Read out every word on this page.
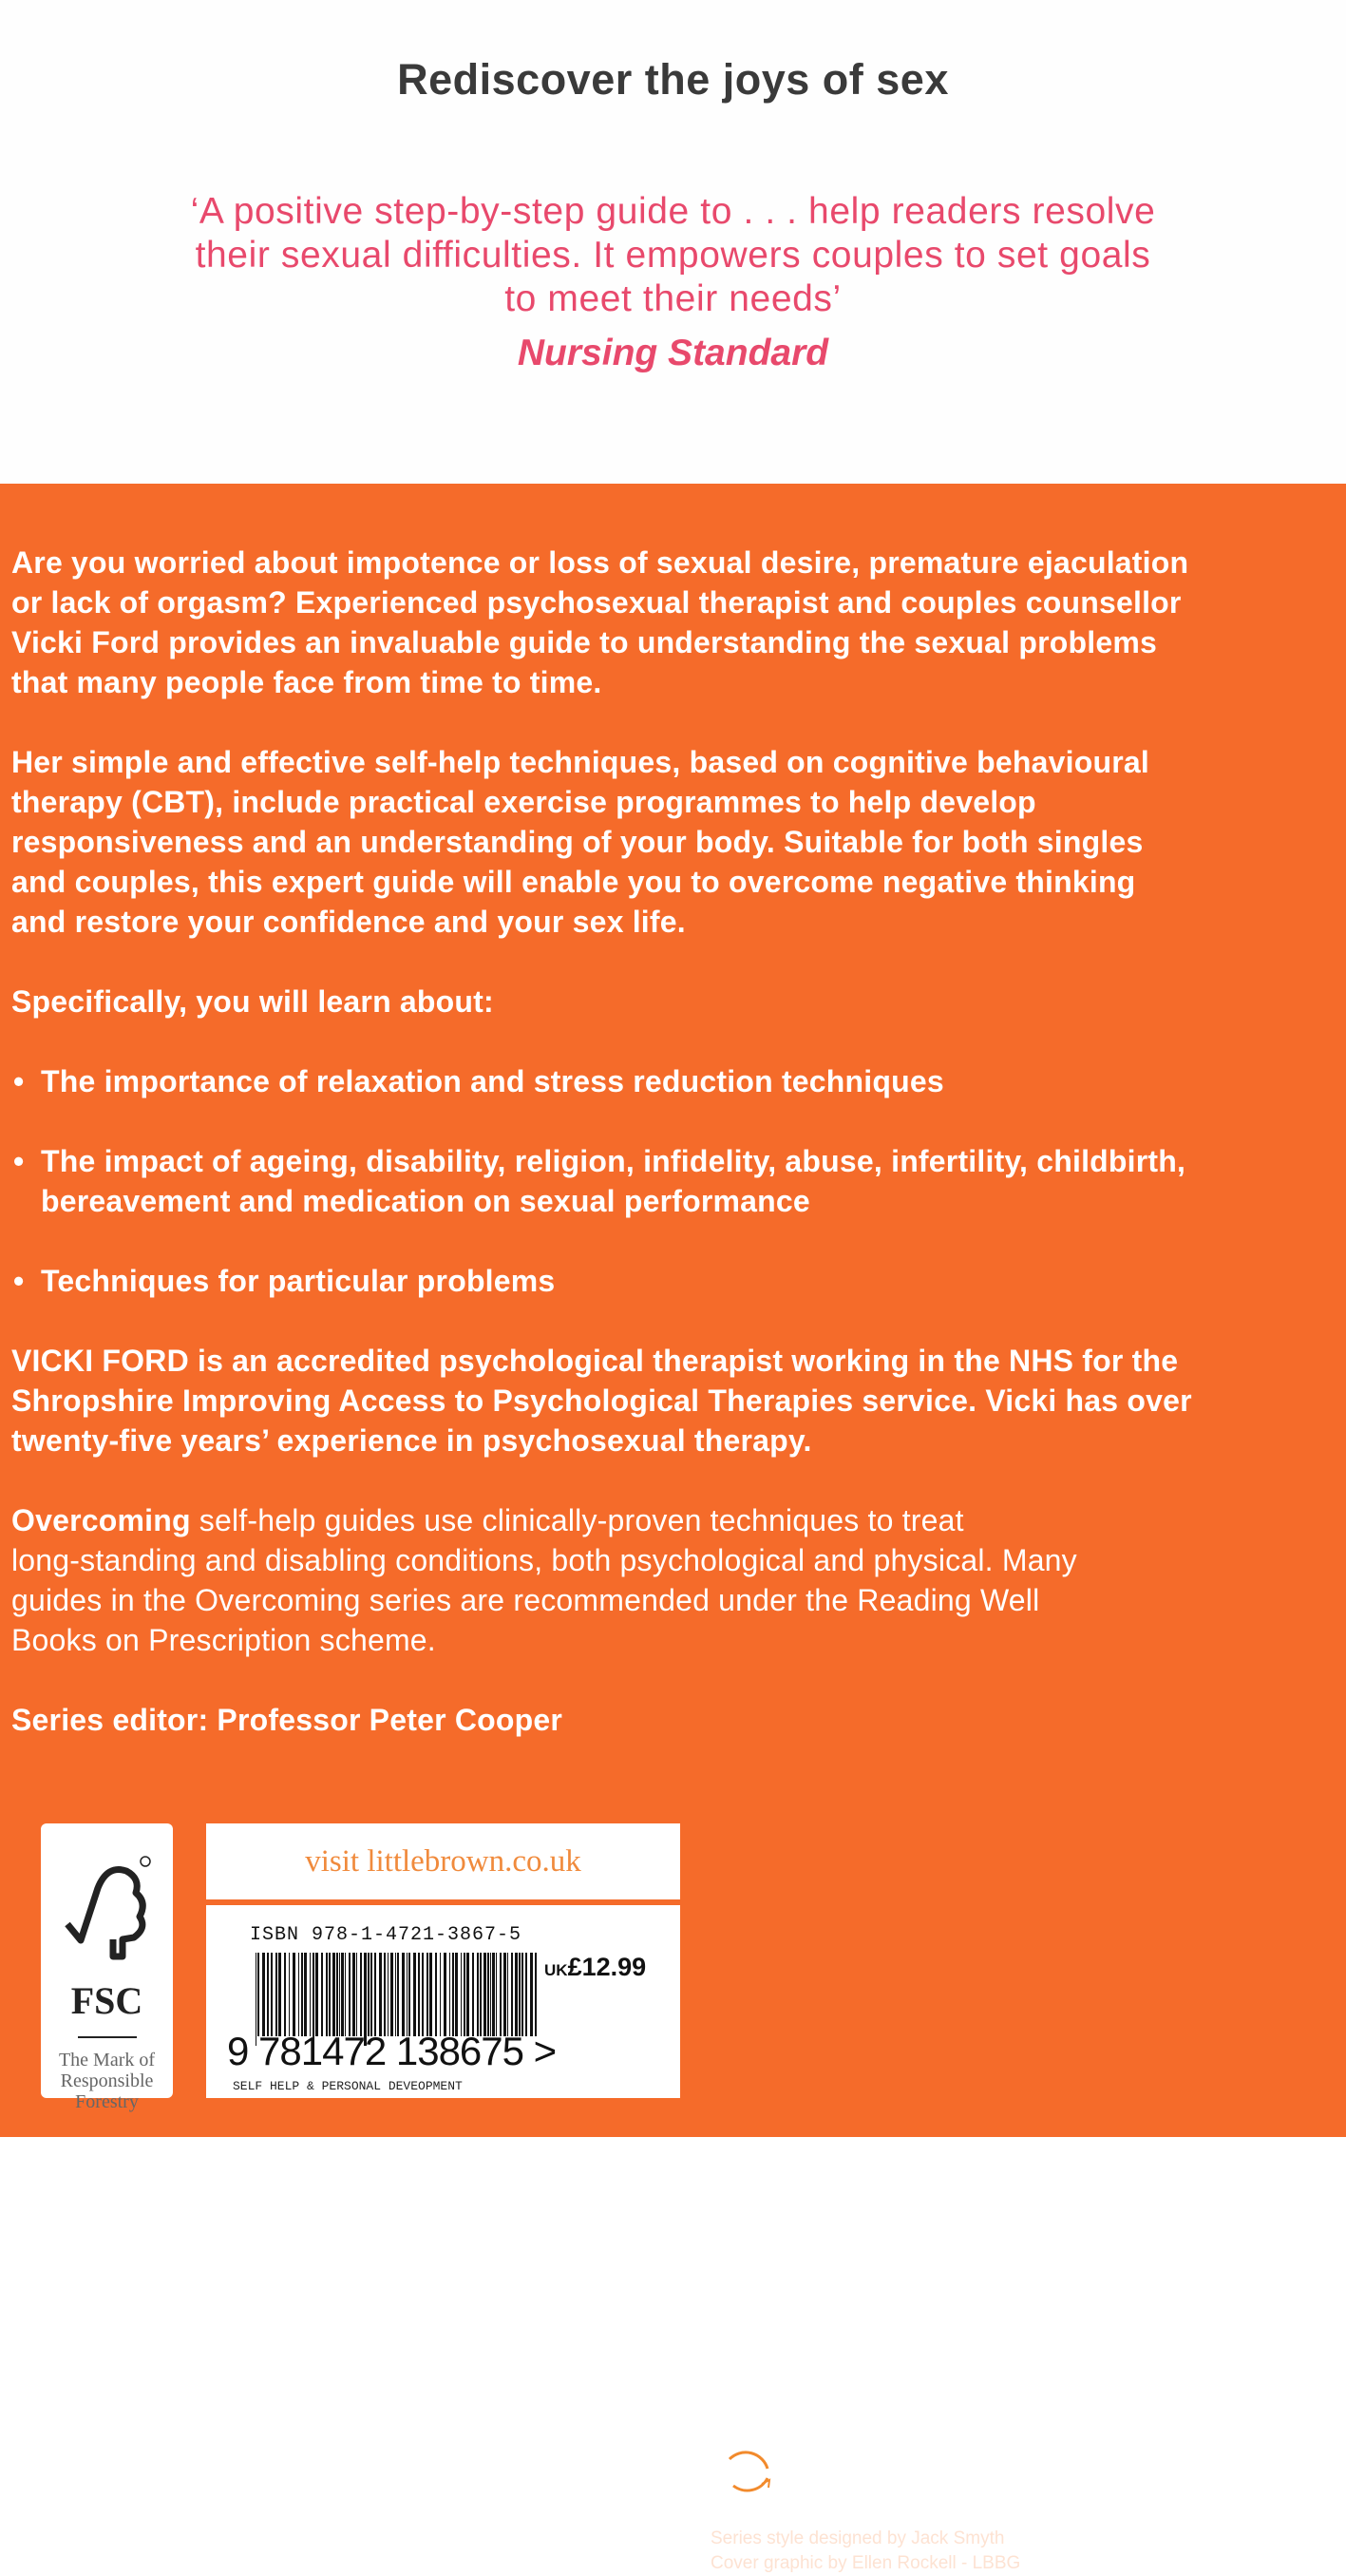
Rediscover the joys of sex
‘A positive step-by-step guide to . . . help readers resolve
their sexual difficulties. It empowers couples to set goals
to meet their needs’
Nursing Standard

Are you worried about impotence or loss of sexual desire, premature ejaculation
or lack of orgasm? Experienced psychosexual therapist and couples counsellor
Vicki Ford provides an invaluable guide to understanding the sexual problems
that many people face from time to time.

Her simple and effective self-help techniques, based on cognitive behavioural
therapy (CBT), include practical exercise programmes to help develop
responsiveness and an understanding of your body. Suitable for both singles
and couples, this expert guide will enable you to overcome negative thinking
and restore your confidence and your sex life.

Specifically, you will learn about:

• The importance of relaxation and stress reduction techniques
• The impact of ageing, disability, religion, infidelity, abuse, infertility, childbirth,
bereavement and medication on sexual performance
• Techniques for particular problems

VICKI FORD is an accredited psychological therapist working in the NHS for the
Shropshire Improving Access to Psychological Therapies service. Vicki has over
twenty-five years’ experience in psychosexual therapy.

Overcoming self-help guides use clinically-proven techniques to treat
long-standing and disabling conditions, both psychological and physical. Many
guides in the Overcoming series are recommended under the Reading Well
Books on Prescription scheme.

Series editor: Professor Peter Cooper

FSC
The Mark of
Responsible
Forestry
visit littlebrown.co.uk
ISBN 978-1-4721-3867-5
UK£12.99
9 781472 138675 >
SELF HELP & PERSONAL DEVEOPMENT
IMPROVEMENT
ZONE.co.uk
Series style designed by Jack Smyth
Cover graphic by Ellen Rockell - LBBG
